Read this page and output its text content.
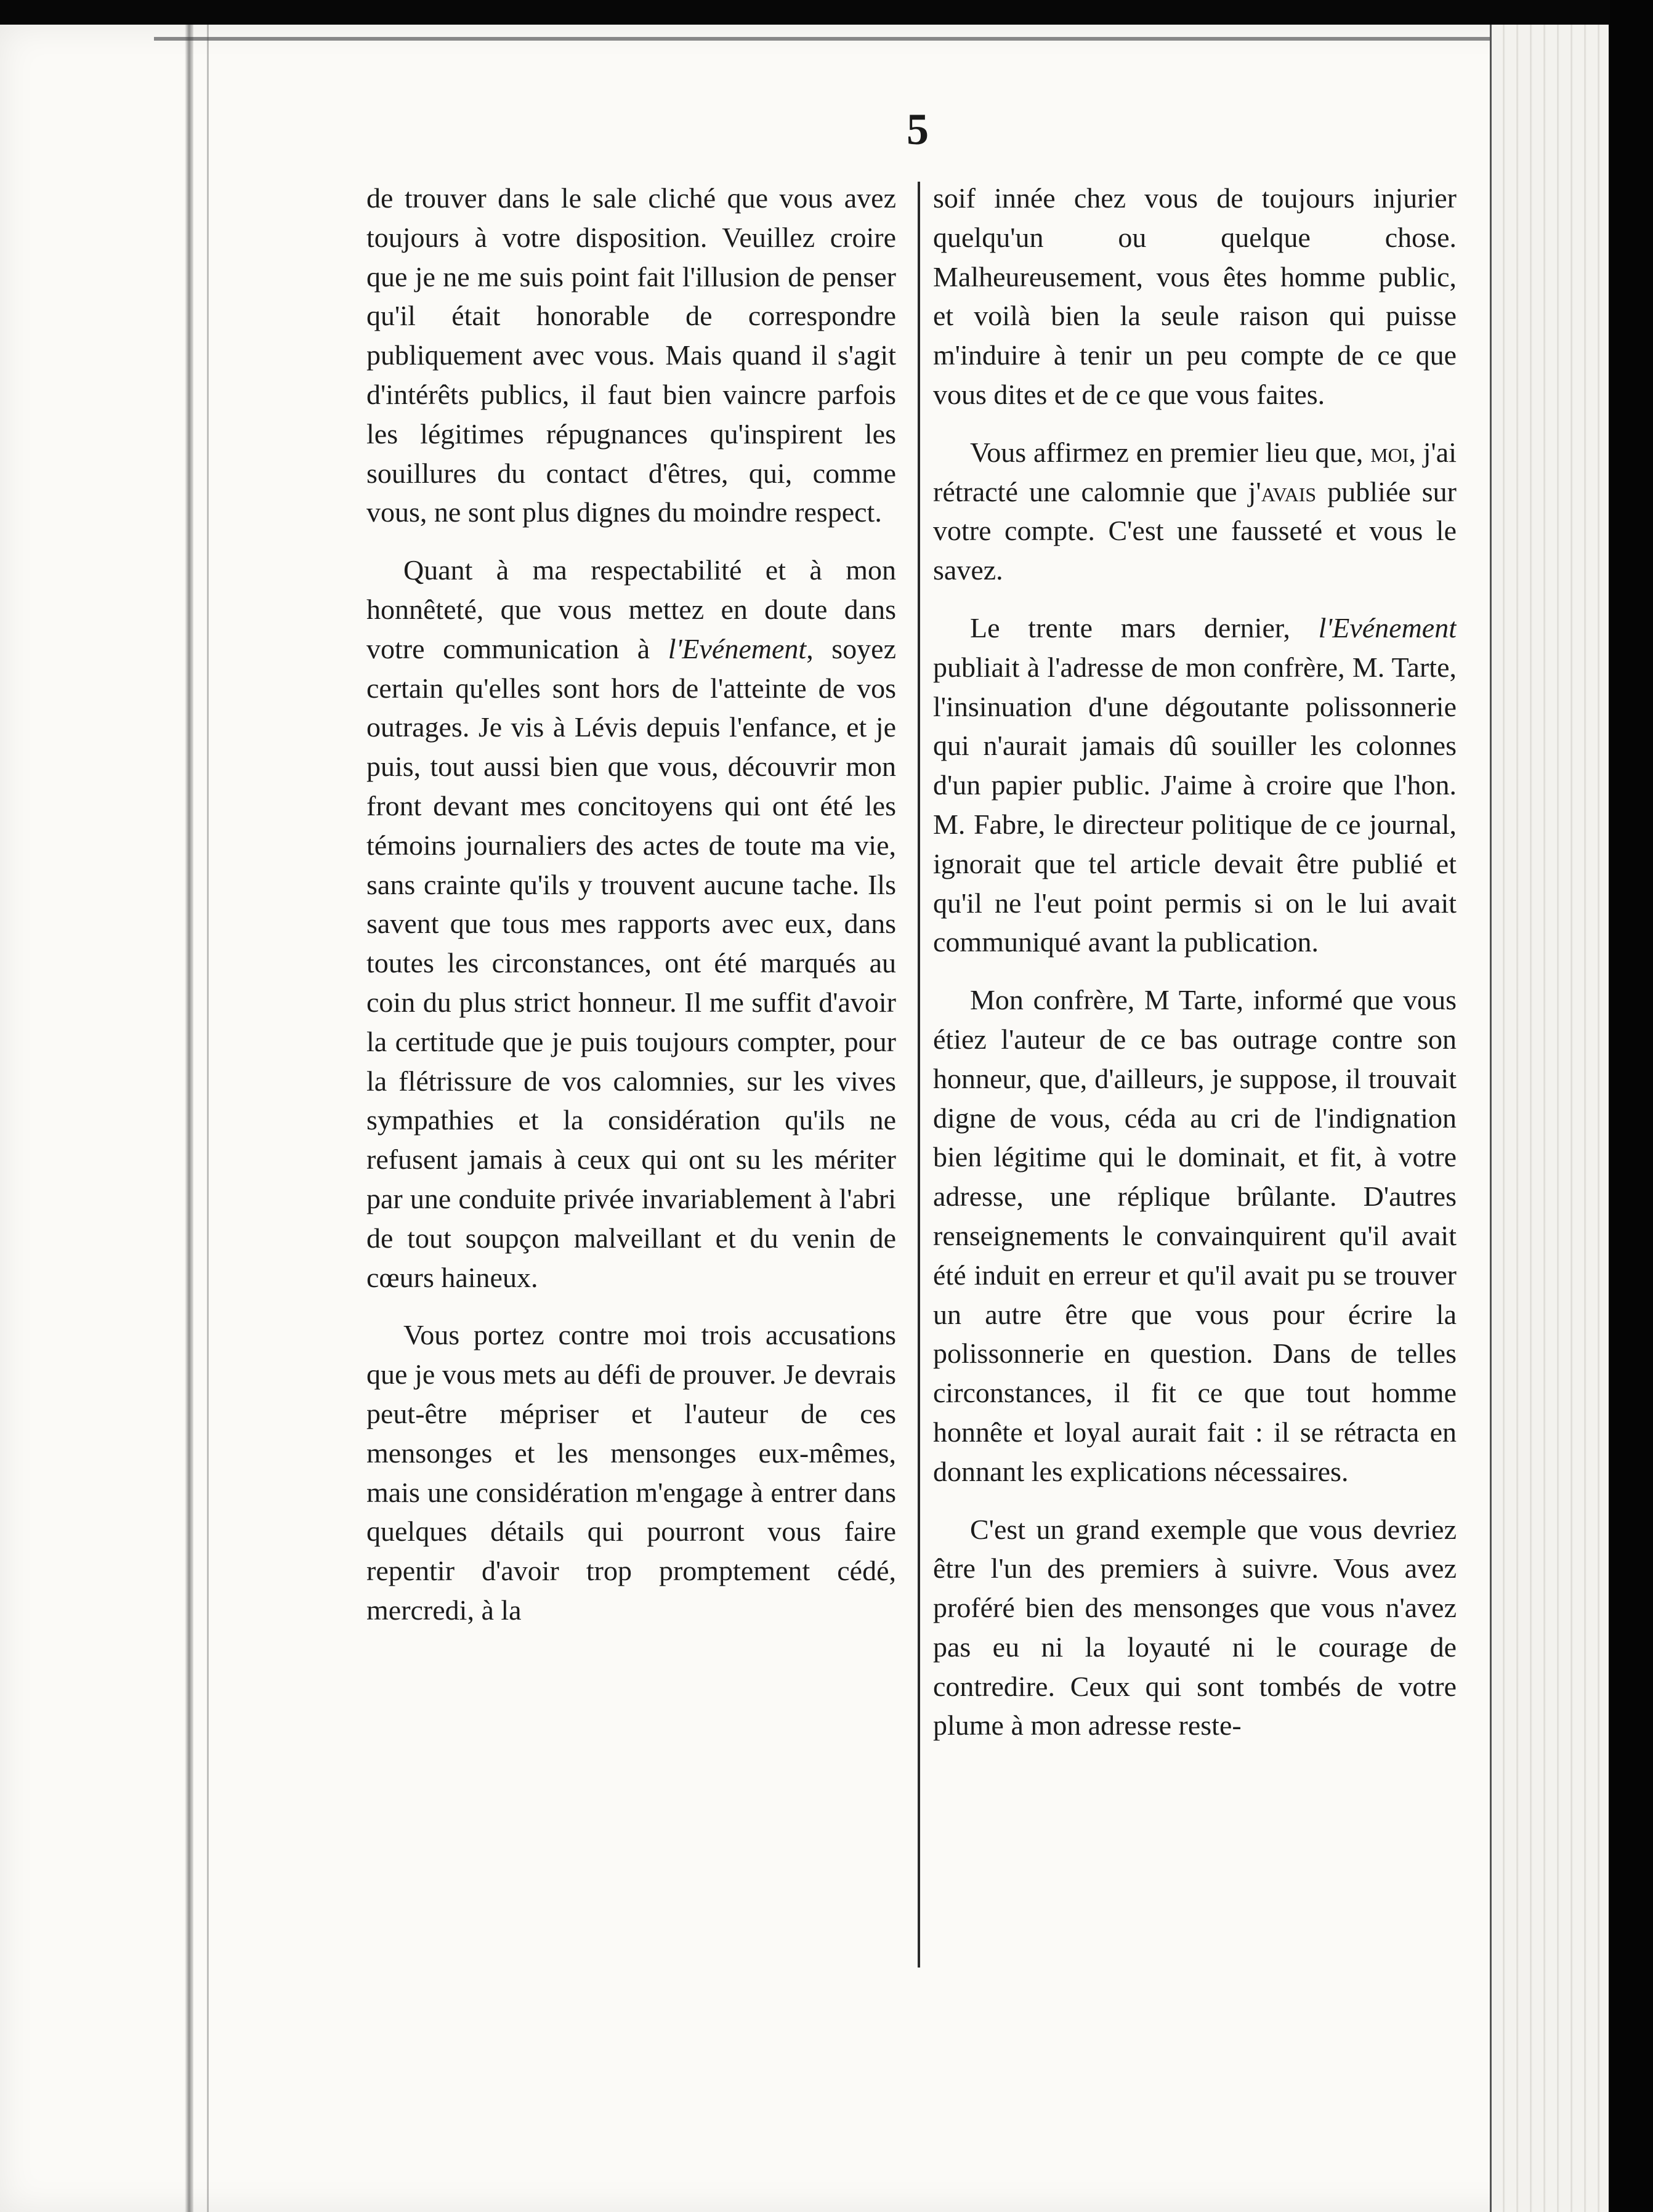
5

de trouver dans le sale cliché que vous avez toujours à votre disposition. Veuillez croire que je ne me suis point fait l'illusion de penser qu'il était honorable de correspondre publiquement avec vous. Mais quand il s'agit d'intérêts publics, il faut bien vaincre parfois les légitimes répugnances qu'inspirent les souillures du contact d'êtres, qui, comme vous, ne sont plus dignes du moindre respect.

Quant à ma respectabilité et à mon honnêteté, que vous mettez en doute dans votre communication à l'Evénement, soyez certain qu'elles sont hors de l'atteinte de vos outrages. Je vis à Lévis depuis l'enfance, et je puis, tout aussi bien que vous, découvrir mon front devant mes concitoyens qui ont été les témoins journaliers des actes de toute ma vie, sans crainte qu'ils y trouvent aucune tache. Ils savent que tous mes rapports avec eux, dans toutes les circonstances, ont été marqués au coin du plus strict honneur. Il me suffit d'avoir la certitude que je puis toujours compter, pour la flétrissure de vos calomnies, sur les vives sympathies et la considération qu'ils ne refusent jamais à ceux qui ont su les mériter par une conduite privée invariablement à l'abri de tout soupçon malveillant et du venin de cœurs haineux.

Vous portez contre moi trois accusations que je vous mets au défi de prouver. Je devrais peut-être mépriser et l'auteur de ces mensonges et les mensonges eux-mêmes, mais une considération m'engage à entrer dans quelques détails qui pourront vous faire repentir d'avoir trop promptement cédé, mercredi, à la

soif innée chez vous de toujours injurier quelqu'un ou quelque chose. Malheureusement, vous êtes homme public, et voilà bien la seule raison qui puisse m'induire à tenir un peu compte de ce que vous dites et de ce que vous faites.

Vous affirmez en premier lieu que, moi, j'ai rétracté une calomnie que j'avais publiée sur votre compte. C'est une fausseté et vous le savez.

Le trente mars dernier, l'Evénement publiait à l'adresse de mon confrère, M. Tarte, l'insinuation d'une dégoutante polissonnerie qui n'aurait jamais dû souiller les colonnes d'un papier public. J'aime à croire que l'hon. M. Fabre, le directeur politique de ce journal, ignorait que tel article devait être publié et qu'il ne l'eut point permis si on le lui avait communiqué avant la publication.

Mon confrère, M Tarte, informé que vous étiez l'auteur de ce bas outrage contre son honneur, que, d'ailleurs, je suppose, il trouvait digne de vous, céda au cri de l'indignation bien légitime qui le dominait, et fit, à votre adresse, une réplique brûlante. D'autres renseignements le convainquirent qu'il avait été induit en erreur et qu'il avait pu se trouver un autre être que vous pour écrire la polissonnerie en question. Dans de telles circonstances, il fit ce que tout homme honnête et loyal aurait fait : il se rétracta en donnant les explications nécessaires.

C'est un grand exemple que vous devriez être l'un des premiers à suivre. Vous avez proféré bien des mensonges que vous n'avez pas eu ni la loyauté ni le courage de contredire. Ceux qui sont tombés de votre plume à mon adresse reste-
